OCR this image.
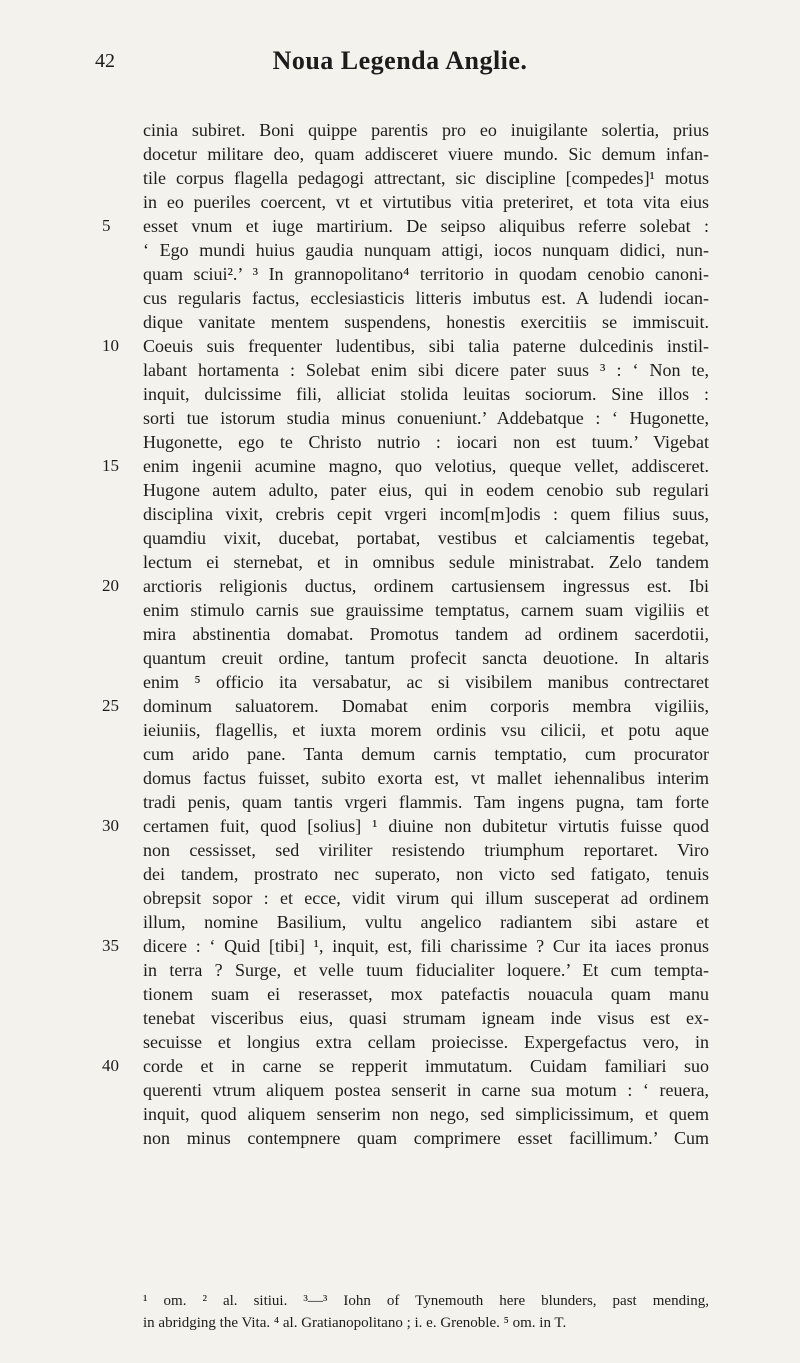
42	Noua Legenda Anglie.
cinia subiret. Boni quippe parentis pro eo inuigilante solertia, prius
docetur militare deo, quam addisceret viuere mundo. Sic demum infan-
tile corpus flagella pedagogi attrectant, sic discipline [compedes]¹ motus
in eo pueriles coercent, vt et virtutibus vitia preteriret, et tota vita eius
5	esset vnum et iuge martirium. De seipso aliquibus referre solebat :
‘ Ego mundi huius gaudia nunquam attigi, iocos nunquam didici, nun-
quam sciui².’ ³ In grannopolitano⁴ territorio in quodam cenobio canoni-
cus regularis factus, ecclesiasticis litteris imbutus est. A ludendi iocan-
dique vanitate mentem suspendens, honestis exercitiis se immiscuit.
10	Coeuis suis frequenter ludentibus, sibi talia paterne dulcedinis instil-
labant hortamenta : Solebat enim sibi dicere pater suus ³ : ‘ Non te,
inquit, dulcissime fili, alliciat stolida leuitas sociorum. Sine illos :
sorti tue istorum studia minus conueniunt.’ Addebatque : ‘ Hugonette,
Hugonette, ego te Christo nutrio : iocari non est tuum.’ Vigebat
15	enim ingenii acumine magno, quo velotius, queque vellet, addisceret.
Hugone autem adulto, pater eius, qui in eodem cenobio sub regulari
disciplina vixit, crebris cepit vrgeri incom[m]odis : quem filius suus,
quamdiu vixit, ducebat, portabat, vestibus et calciamentis tegebat,
lectum ei sternebat, et in omnibus sedule ministrabat. Zelo tandem
20	arctioris religionis ductus, ordinem cartusiensem ingressus est. Ibi
enim stimulo carnis sue grauissime temptatus, carnem suam vigiliis et
mira abstinentia domabat. Promotus tandem ad ordinem sacerdotii,
quantum creuit ordine, tantum profecit sancta deuotione. In altaris
enim ⁵ officio ita versabatur, ac si visibilem manibus contrectaret
25	dominum saluatorem. Domabat enim corporis membra vigiliis,
ieiuniis, flagellis, et iuxta morem ordinis vsu cilicii, et potu aque
cum arido pane. Tanta demum carnis temptatio, cum procurator
domus factus fuisset, subito exorta est, vt mallet iehennalibus interim
tradi penis, quam tantis vrgeri flammis. Tam ingens pugna, tam forte
30	certamen fuit, quod [solius] ¹ diuine non dubitetur virtutis fuisse quod
non cessisset, sed viriliter resistendo triumphum reportaret. Viro
dei tandem, prostrato nec superato, non victo sed fatigato, tenuis
obrepsit sopor : et ecce, vidit virum qui illum susceperat ad ordinem
illum, nomine Basilium, vultu angelico radiantem sibi astare et
35	dicere : ‘ Quid [tibi] ¹, inquit, est, fili charissime ? Cur ita iaces pronus
in terra ? Surge, et velle tuum fiducialiter loquere.’ Et cum tempta-
tionem suam ei reserasset, mox patefactis nouacula quam manu
tenebat visceribus eius, quasi strumam igneam inde visus est ex-
secuisse et longius extra cellam proiecisse. Expergefactus vero, in
40	corde et in carne se repperit immutatum. Cuidam familiari suo
querenti vtrum aliquem postea senserit in carne sua motum : ‘ reuera,
inquit, quod aliquem senserim non nego, sed simplicissimum, et quem
non minus contempnere quam comprimere esset facillimum.’ Cum
¹ om. ² al. sitiui. ³—³ Iohn of Tynemouth here blunders, past mending,
in abridging the Vita. ⁴ al. Gratianopolitano ; i. e. Grenoble. ⁵ om. in T.
